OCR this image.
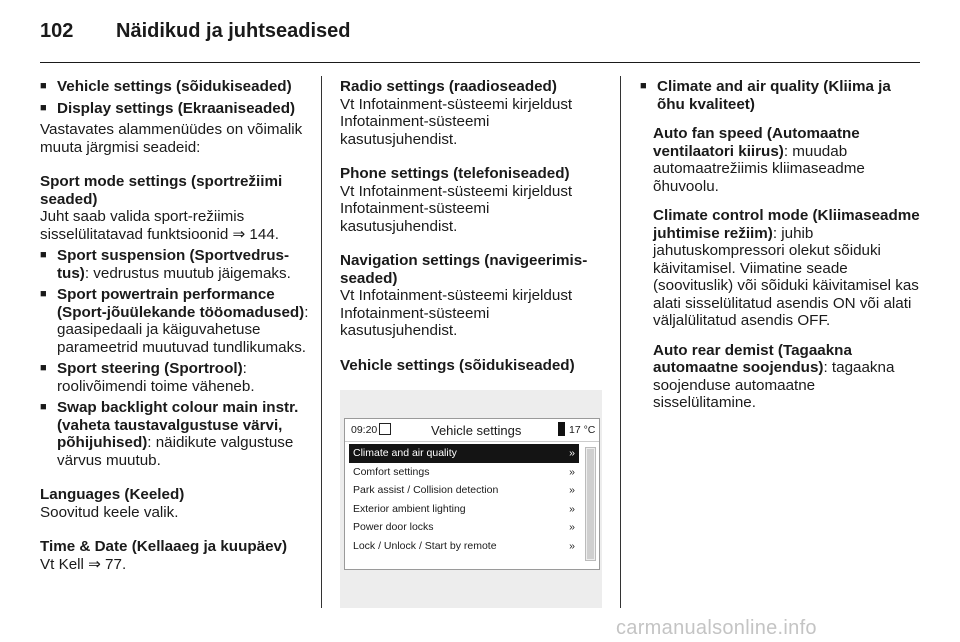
102 Näidikud ja juhtseadised
■ Vehicle settings (sõidukiseaded)
■ Display settings (Ekraaniseaded)

Vastavates alammenüüdes on võimalik muuta järgmisi seadeid:

Sport mode settings (sportrežiimi seaded)

Juht saab valida sport-režiimis sisselülitatavad funktsioonid ⇒ 144.

■ Sport suspension (Sportvedrustus): vedrustus muutub jäigemaks.
■ Sport powertrain performance (Sport-jõuülekande tööomadused): gaasipedaali ja käiguvahetuse parameetrid muutuvad tundlikumaks.
■ Sport steering (Sportrool): roolivõimendi toime väheneb.
■ Swap backlight colour main instr. (vaheta taustavalgustuse värvi, põhijuhised): näidikute valgustuse värvus muutub.

Languages (Keeled)

Soovitud keele valik.

Time & Date (Kellaaeg ja kuupäev)

Vt Kell ⇒ 77.

Radio settings (raadioseaded)

Vt Infotainment-süsteemi kirjeldust Infotainment-süsteemi kasutusjuhendist.

Phone settings (telefoniseaded)

Vt Infotainment-süsteemi kirjeldust Infotainment-süsteemi kasutusjuhendist.

Navigation settings (navigeerimisseaded)

Vt Infotainment-süsteemi kirjeldust Infotainment-süsteemi kasutusjuhendist.

Vehicle settings (sõidukiseaded)

09:20	Vehicle settings	17 °C
Climate and air quality	»
Comfort settings	»
Park assist / Collision detection	»
Exterior ambient lighting	»
Power door locks	»
Lock / Unlock / Start by remote	»
■ Climate and air quality (Kliima ja õhu kvaliteet)
Auto fan speed (Automaatne ventilaatori kiirus): muudab automaatrežiimis kliimaseadme õhuvoolu.
Climate control mode (Kliimaseadme juhtimise režiim): juhib jahutuskompressori olekut sõiduki käivitamisel. Viimatine seade (soovituslik) või sõiduki käivitamisel kas alati sisselülitatud asendis ON või alati väljalülitatud asendis OFF.
Auto rear demist (Tagaakna automaatne soojendus): tagaakna soojenduse automaatne sisselülitamine.
carmanualsonline.info
